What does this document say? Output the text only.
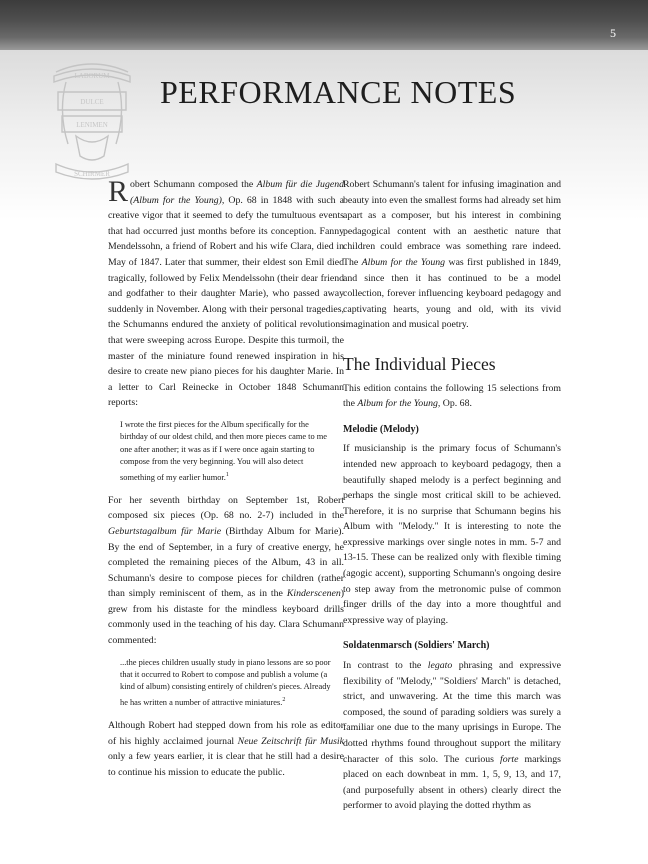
5
LABORUM
DULCE
LENIMEN
SCHIRMER
PERFORMANCE NOTES

Robert Schumann composed the Album für die Jugend (Album for the Young), Op. 68 in 1848 with such a creative vigor that it seemed to defy the tumultuous events that had occurred just months before its conception. Fanny Mendelssohn, a friend of Robert and his wife Clara, died in May of 1847. Later that summer, their eldest son Emil died tragically, followed by Felix Mendelssohn (their dear friend and godfather to their daughter Marie), who passed away suddenly in November. Along with their personal tragedies, the Schumanns endured the anxiety of political revolutions that were sweeping across Europe. Despite this turmoil, the master of the miniature found renewed inspiration in his desire to create new piano pieces for his daughter Marie. In a letter to Carl Reinecke in October 1848 Schumann reports:

I wrote the first pieces for the Album specifically for the birthday of our oldest child, and then more pieces came to me one after another; it was as if I were once again starting to compose from the very beginning. You will also detect something of my earlier humor.$^1$

For her seventh birthday on September 1st, Robert composed six pieces (Op. 68 no. 2-7) included in the Geburtstagalbum für Marie (Birthday Album for Marie). By the end of September, in a fury of creative energy, he completed the remaining pieces of the Album, 43 in all. Schumann's desire to compose pieces for children (rather than simply reminiscent of them, as in the Kinderscenen) grew from his distaste for the mindless keyboard drills commonly used in the teaching of his day. Clara Schumann commented:

...the pieces children usually study in piano lessons are so poor that it occurred to Robert to compose and publish a volume (a kind of album) consisting entirely of children's pieces. Already he has written a number of attractive miniatures.$^2$

Although Robert had stepped down from his role as editor of his highly acclaimed journal Neue Zeitschrift für Musik only a few years earlier, it is clear that he still had a desire to continue his mission to educate the public.

Robert Schumann's talent for infusing imagination and beauty into even the smallest forms had already set him apart as a composer, but his interest in combining pedagogical content with an aesthetic nature that children could embrace was something rare indeed. The Album for the Young was first published in 1849, and since then it has continued to be a model collection, forever influencing keyboard pedagogy and captivating hearts, young and old, with its vivid imagination and musical poetry.

The Individual Pieces

This edition contains the following 15 selections from the Album for the Young, Op. 68.

Melodie (Melody)

If musicianship is the primary focus of Schumann's intended new approach to keyboard pedagogy, then a beautifully shaped melody is a perfect beginning and perhaps the single most critical skill to be achieved. Therefore, it is no surprise that Schumann begins his Album with "Melody." It is interesting to note the expressive markings over single notes in mm. 5-7 and 13-15. These can be realized only with flexible timing (agogic accent), supporting Schumann's ongoing desire to step away from the metronomic pulse of common finger drills of the day into a more thoughtful and expressive way of playing.

Soldatenmarsch (Soldiers' March)

In contrast to the legato phrasing and expressive flexibility of "Melody," "Soldiers' March" is detached, strict, and unwavering. At the time this march was composed, the sound of parading soldiers was surely a familiar one due to the many uprisings in Europe. The dotted rhythms found throughout support the military character of this solo. The curious forte markings placed on each downbeat in mm. 1, 5, 9, 13, and 17, (and purposefully absent in others) clearly direct the performer to avoid playing the dotted rhythm as
